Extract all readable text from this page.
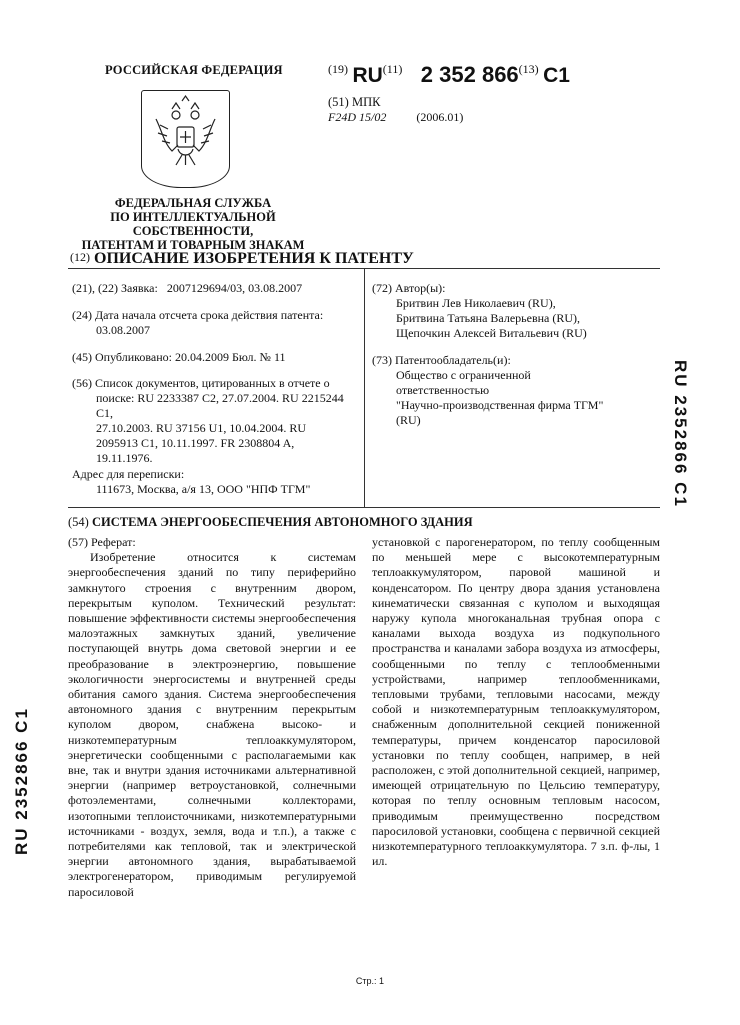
РОССИЙСКАЯ ФЕДЕРАЦИЯ
ФЕДЕРАЛЬНАЯ СЛУЖБА
ПО ИНТЕЛЛЕКТУАЛЬНОЙ СОБСТВЕННОСТИ,
ПАТЕНТАМ И ТОВАРНЫМ ЗНАКАМ
$^{(19)}$ RU$^{(11)}$ 2 352 866$^{(13)}$ C1
(51) МПК
F24D 15/02	(2006.01)
$^{(12)}$ ОПИСАНИЕ ИЗОБРЕТЕНИЯ К ПАТЕНТУ
(21), (22) Заявка: 2007129694/03, 03.08.2007
(24) Дата начала отсчета срока действия патента:
03.08.2007
(45) Опубликовано: 20.04.2009 Бюл. № 11
(56) Список документов, цитированных в отчете о
поиске: RU 2233387 C2, 27.07.2004. RU 2215244 C1,
27.10.2003. RU 37156 U1, 10.04.2004. RU
2095913 C1, 10.11.1997. FR 2308804 A,
19.11.1976.
Адрес для переписки:
111673, Москва, а/я 13, ООО "НПФ ТГМ"
(72) Автор(ы):
Бритвин Лев Николаевич (RU),
Бритвина Татьяна Валерьевна (RU),
Щепочкин Алексей Витальевич (RU)
(73) Патентообладатель(и):
Общество с ограниченной
ответственностью
"Научно-производственная фирма ТГМ"
(RU)
RU 2352866 C1
RU 2352866 C1
(54) СИСТЕМА ЭНЕРГООБЕСПЕЧЕНИЯ АВТОНОМНОГО ЗДАНИЯ
(57) Реферат:

Изобретение относится к системам энергообеспечения зданий по типу периферийно замкнутого строения с внутренним двором, перекрытым куполом. Технический результат: повышение эффективности системы энергообеспечения малоэтажных замкнутых зданий, увеличение поступающей внутрь дома световой энергии и ее преобразование в электроэнергию, повышение экологичности энергосистемы и внутренней среды обитания самого здания. Система энергообеспечения автономного здания с внутренним перекрытым куполом двором, снабжена высоко- и низкотемпературным теплоаккумулятором, энергетически сообщенными с располагаемыми как вне, так и внутри здания источниками альтернативной энергии (например ветроустановкой, солнечными фотоэлементами, солнечными коллекторами, изотопными теплоисточниками, низкотемпературными источниками - воздух, земля, вода и т.п.), а также с потребителями как тепловой, так и электрической энергии автономного здания, вырабатываемой электрогенератором, приводимым регулируемой паросиловой

установкой с парогенератором, по теплу сообщенным по меньшей мере с высокотемпературным теплоаккумулятором, паровой машиной и конденсатором. По центру двора здания установлена кинематически связанная с куполом и выходящая наружу купола многоканальная трубная опора с каналами выхода воздуха из подкупольного пространства и каналами забора воздуха из атмосферы, сообщенными по теплу с теплообменными устройствами, например теплообменниками, тепловыми трубами, тепловыми насосами, между собой и низкотемпературным теплоаккумулятором, снабженным дополнительной секцией пониженной температуры, причем конденсатор паросиловой установки по теплу сообщен, например, в ней расположен, с этой дополнительной секцией, например, имеющей отрицательную по Цельсию температуру, которая по теплу основным тепловым насосом, приводимым преимущественно посредством паросиловой установки, сообщена с первичной секцией низкотемпературного теплоаккумулятора. 7 з.п. ф-лы, 1 ил.
Стр.: 1
